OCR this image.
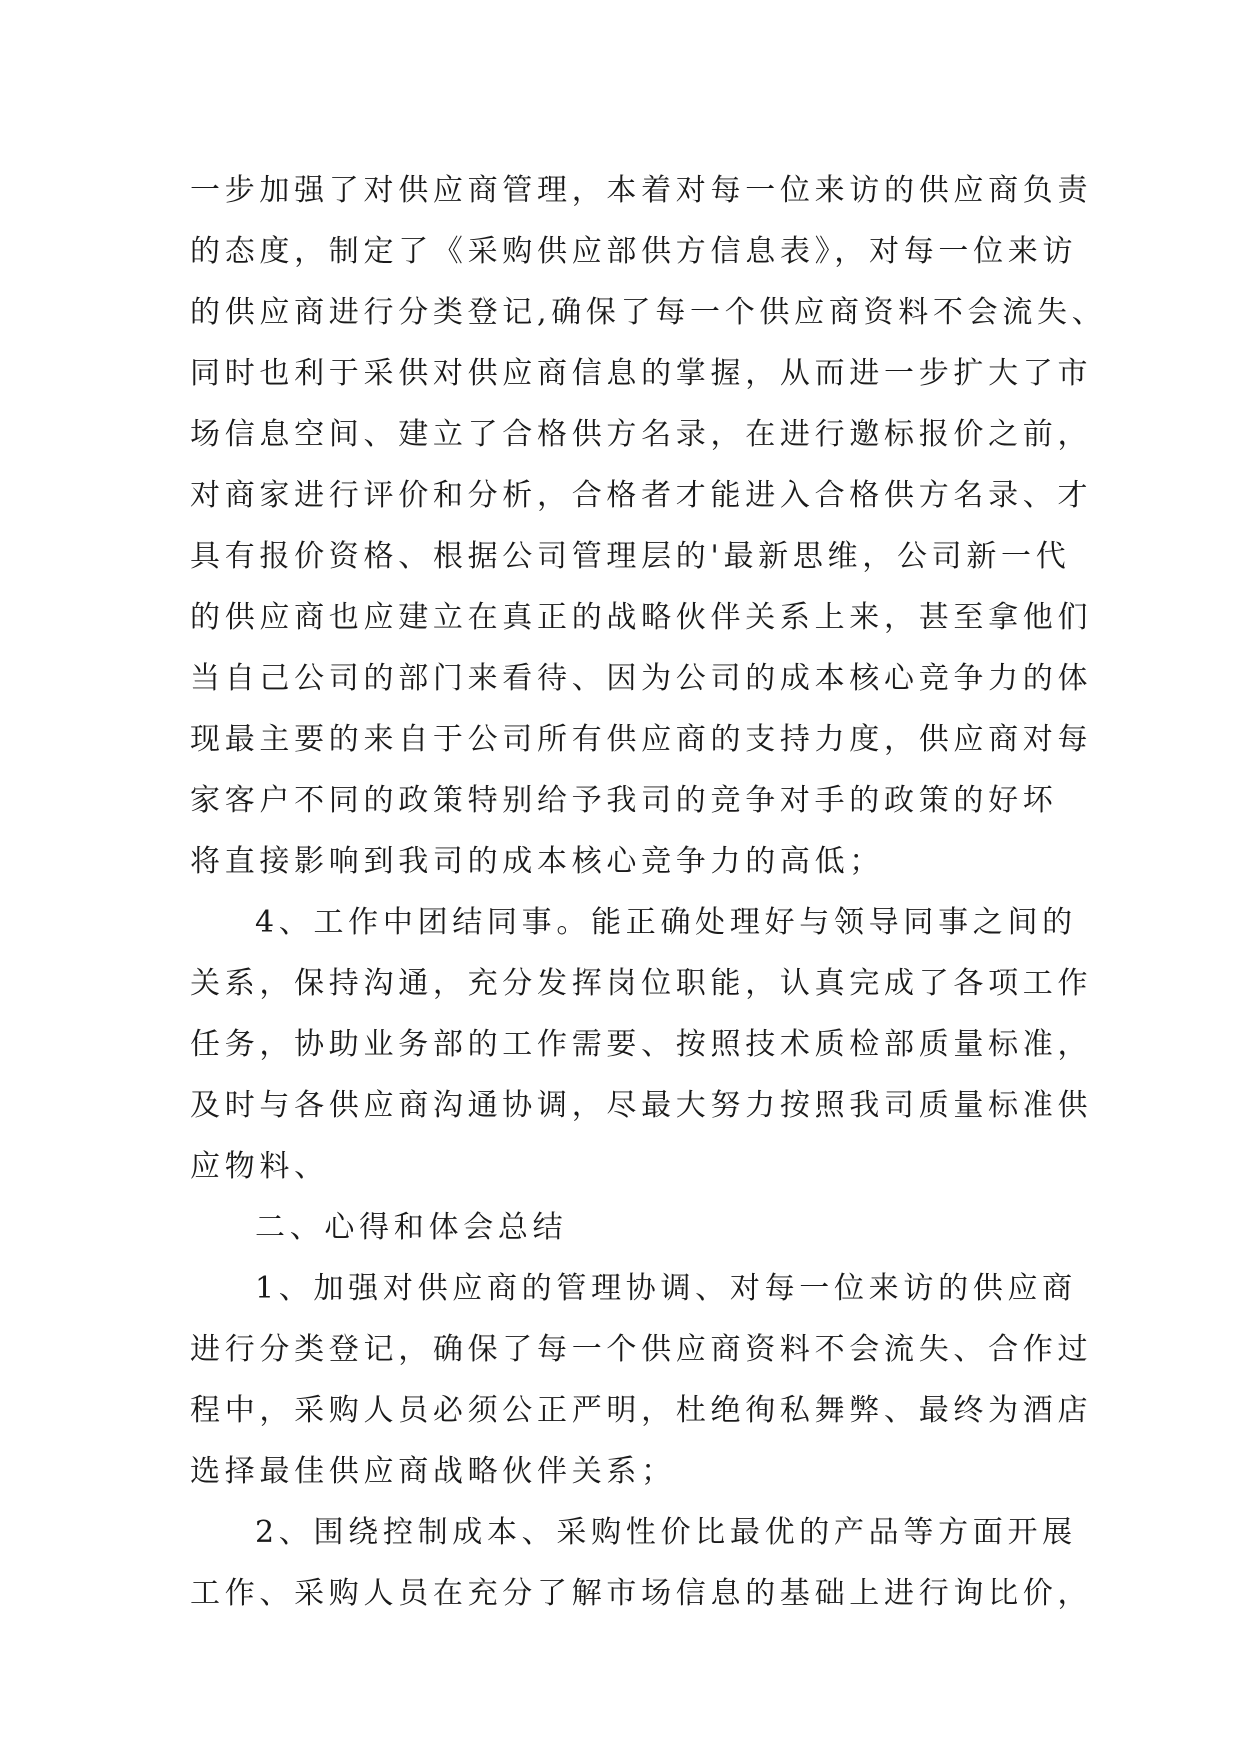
一步加强了对供应商管理，本着对每一位来访的供应商负责
的态度，制定了《采购供应部供方信息表》，对每一位来访
的供应商进行分类登记,确保了每一个供应商资料不会流失、
同时也利于采供对供应商信息的掌握，从而进一步扩大了市
场信息空间、建立了合格供方名录，在进行邀标报价之前，
对商家进行评价和分析，合格者才能进入合格供方名录、才
具有报价资格、根据公司管理层的'最新思维，公司新一代
的供应商也应建立在真正的战略伙伴关系上来，甚至拿他们
当自己公司的部门来看待、因为公司的成本核心竞争力的体
现最主要的来自于公司所有供应商的支持力度，供应商对每
家客户不同的政策特别给予我司的竞争对手的政策的好坏
将直接影响到我司的成本核心竞争力的高低；
4、工作中团结同事。能正确处理好与领导同事之间的
关系，保持沟通，充分发挥岗位职能，认真完成了各项工作
任务，协助业务部的工作需要、按照技术质检部质量标准，
及时与各供应商沟通协调，尽最大努力按照我司质量标准供
应物料、
二、心得和体会总结
1、加强对供应商的管理协调、对每一位来访的供应商
进行分类登记，确保了每一个供应商资料不会流失、合作过
程中，采购人员必须公正严明，杜绝徇私舞弊、最终为酒店
选择最佳供应商战略伙伴关系；
2、围绕控制成本、采购性价比最优的产品等方面开展
工作、采购人员在充分了解市场信息的基础上进行询比价，
